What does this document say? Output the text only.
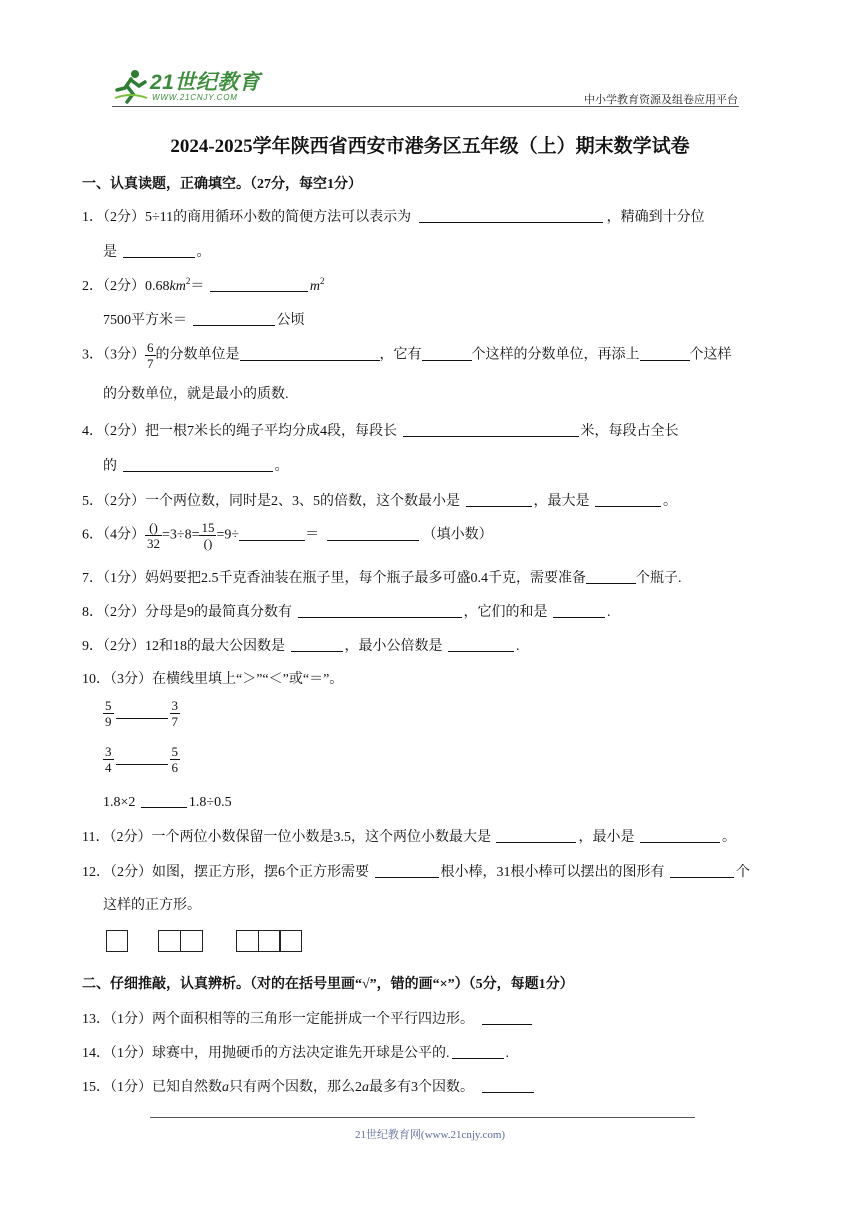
21世纪教育
WWW.21CNJY.COM	中小学教育资源及组卷应用平台
2024-2025学年陕西省西安市港务区五年级（上）期末数学试卷
一、认真读题，正确填空。（27分，每空1分）
1．（2分）5÷11的商用循环小数的简便方法可以表示为	，精确到十分位
是	。
2．（2分）$0.68km^2=$	$m^2$
7500平方米＝	公顷
3．（3分） $\frac{6}{7}$ 的分数单位是	，它有	个这样的分数单位，再添上	个这样
的分数单位，就是最小的质数.
4．（2分）把一根7米长的绳子平均分成4段，每段长	米，每段占全长
的	。
5．（2分）一个两位数，同时是2、3、5的倍数，这个数最小是	，最大是	。
6．（4分） $\frac{()}{32} =3\div 8= \frac{15}{()} =9\div$	＝	（填小数）
7．（1分）妈妈要把2.5千克香油装在瓶子里，每个瓶子最多可盛0.4千克，需要准备	个瓶子.
8．（2分）分母是9的最简真分数有	，它们的和是	.
9．（2分）12和18的最大公因数是	，最小公倍数是	.
10．（3分）在横线里填上“＞”“＜”或“＝”。
$\frac{5}{9}$	$\frac{3}{7}$
$\frac{3}{4}$	$\frac{5}{6}$
1.8×2	1.8÷0.5
11．（2分）一个两位小数保留一位小数是3.5，这个两位小数最大是	，最小是	。
12．（2分）如图，摆正方形，摆6个正方形需要	根小棒，31根小棒可以摆出的图形有	个
这样的正方形。
二、仔细推敲，认真辨析。（对的在括号里画“√”，错的画“×”）（5分，每题1分）
13．（1分）两个面积相等的三角形一定能拼成一个平行四边形。
14．（1分）球赛中，用抛硬币的方法决定谁先开球是公平的.	.
15．（1分）已知自然数a只有两个因数，那么2a最多有3个因数。
21世纪教育网(www.21cnjy.com)
